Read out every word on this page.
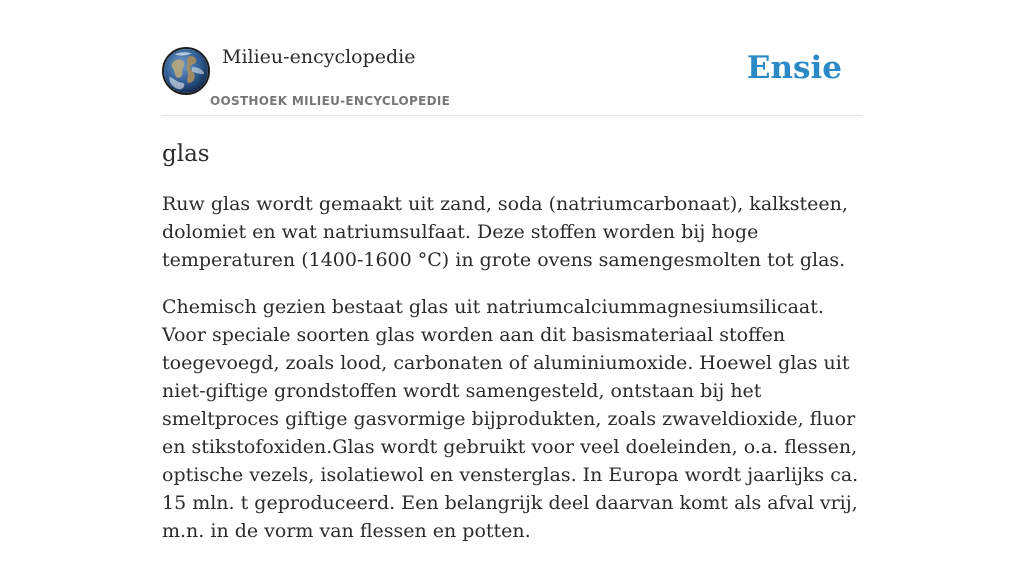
Milieu-encyclopedie
OOSTHOEK MILIEU-ENCYCLOPEDIE
Ensie
glas

Ruw glas wordt gemaakt uit zand, soda (natriumcarbonaat), kalksteen, dolomiet en wat natriumsulfaat. Deze stoffen worden bij hoge temperaturen (1400-1600 °C) in grote ovens samengesmolten tot glas.

Chemisch gezien bestaat glas uit natriumcalciummagnesiumsilicaat. Voor speciale soorten glas worden aan dit basismateriaal stoffen toegevoegd, zoals lood, carbonaten of aluminiumoxide. Hoewel glas uit niet-giftige grondstoffen wordt samengesteld, ontstaan bij het smeltproces giftige gasvormige bijprodukten, zoals zwaveldioxide, fluor en stikstofoxiden.Glas wordt gebruikt voor veel doeleinden, o.a. flessen, optische vezels, isolatiewol en vensterglas. In Europa wordt jaarlijks ca. 15 mln. t geproduceerd. Een belangrijk deel daarvan komt als afval vrij, m.n. in de vorm van flessen en potten.
